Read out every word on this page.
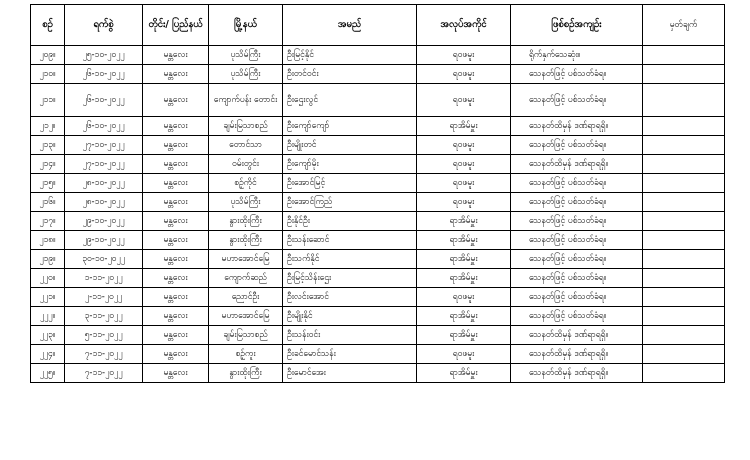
စဉ်	ရက်စွဲ	တိုင်း/ ပြည်နယ်	မြို့နယ်	အမည်	အလုပ်အကိုင်	ဖြစ်စဉ်အကျဉ်း	မှတ်ချက်
၂၀၉။	၂၅-၁၀-၂၀၂၂	မန္တလေး	ပုသိမ်ကြီး	ဦးမြင့်နိုင်	ရဝဖမူး	ရိုက်နှက်သေဆုံး။	
၂၁၀။	၂၆-၁၀-၂၀၂၂	မန္တလေး	ပုသိမ်ကြီး	ဦးတင်ဝင်း	ရဝဖမူး	သေနတ်ဖြင့် ပစ်သတ်ခံရ။	
၂၁၁။	၂၆-၁၀-၂၀၂၂	မန္တလေး	ကျောက်ပန်း တောင်း	ဦးဌေးလွင်	ရဝဖမူး	သေနတ်ဖြင့် ပစ်သတ်ခံရ။	
၂၁၂။	၂၆-၁၀-၂၀၂၂	မန္တလေး	ချမ်းမြသာစည်	ဦးကျော်ကျော်	ရာအိမ်မှူး	သေနတ်ထိမှန် ဒဏ်ရာရရှိ။	
၂၁၃။	၂၇-၁၀-၂၀၂၂	မန္တလေး	တောင်သာ	ဦးမျိုးတင်	ရဝဖမူး	သေနတ်ဖြင့် ပစ်သတ်ခံရ။	
၂၁၄။	၂၇-၁၀-၂၀၂၂	မန္တလေး	ဝမ်းတွင်း	ဦးကျော်မိုး	ရဝဖမူး	သေနတ်ထိမှန် ဒဏ်ရာရရှိ။	
၂၁၅။	၂၈-၁၀-၂၀၂၂	မန္တလေး	စဉ့်ကိုင်	ဦးအောင်မြင့်	ရဝဖမူး	သေနတ်ဖြင့် ပစ်သတ်ခံရ။	
၂၁၆။	၂၈-၁၀-၂၀၂၂	မန္တလေး	ပုသိမ်ကြီး	ဦးအောင်ကြည်	ရဝဖမူး	သေနတ်ဖြင့် ပစ်သတ်ခံရ။	
၂၁၇။	၂၉-၁၀-၂၀၂၂	မန္တလေး	နွားထိုးကြီး	ဦးနိုင်ဦး	ရာအိမ်မှူး	သေနတ်ဖြင့် ပစ်သတ်ခံရ။	
၂၁၈။	၂၉-၁၀-၂၀၂၂	မန္တလေး	နွားထိုးကြီး	ဦးသန်းဆောင်	ရာအိမ်မှူး	သေနတ်ဖြင့် ပစ်သတ်ခံရ။	
၂၁၉။	၃၀-၁၀-၂၀၂၂	မန္တလေး	မဟာအောင်မြေ	ဦးသက်နိုင်	ရာအိမ်မှူး	သေနတ်ဖြင့် ပစ်သတ်ခံရ။	
၂၂၀။	၁-၁၁-၂၀၂၂	မန္တလေး	ကျောက်ဆည်	ဦးမြင့်သိန်းဌေး	ရာအိမ်မှူး	သေနတ်ဖြင့် ပစ်သတ်ခံရ။	
၂၂၁။	၂-၁၁-၂၀၂၂	မန္တလေး	ညောင်ဦး	ဦးလင်းအောင်	ရဝဖမူး	သေနတ်ဖြင့် ပစ်သတ်ခံရ။	
၂၂၂။	၃-၁၁-၂၀၂၂	မန္တလေး	မဟာအောင်မြေ	ဦးမျိုးနိုင်	ရာအိမ်မှူး	သေနတ်ဖြင့် ပစ်သတ်ခံရ။	
၂၂၃။	၅-၁၁-၂၀၂၂	မန္တလေး	ချမ်းမြသာစည်	ဦးသန်းဝင်း	ရာအိမ်မှူး	သေနတ်ထိမှန် ဒဏ်ရာရရှိ။	
၂၂၄။	၇-၁၁-၂၀၂၂	မန္တလေး	စဉ့်ကူး	ဦးခင်မောင်သန်း	ရဝဖမူး	သေနတ်ထိမှန် ဒဏ်ရာရရှိ။	
၂၂၅။	၇-၁၁-၂၀၂၂	မန္တလေး	နွားထိုးကြီး	ဦးမောင်အေး	ရာအိမ်မှူး	သေနတ်ထိမှန် ဒဏ်ရာရရှိ။	
